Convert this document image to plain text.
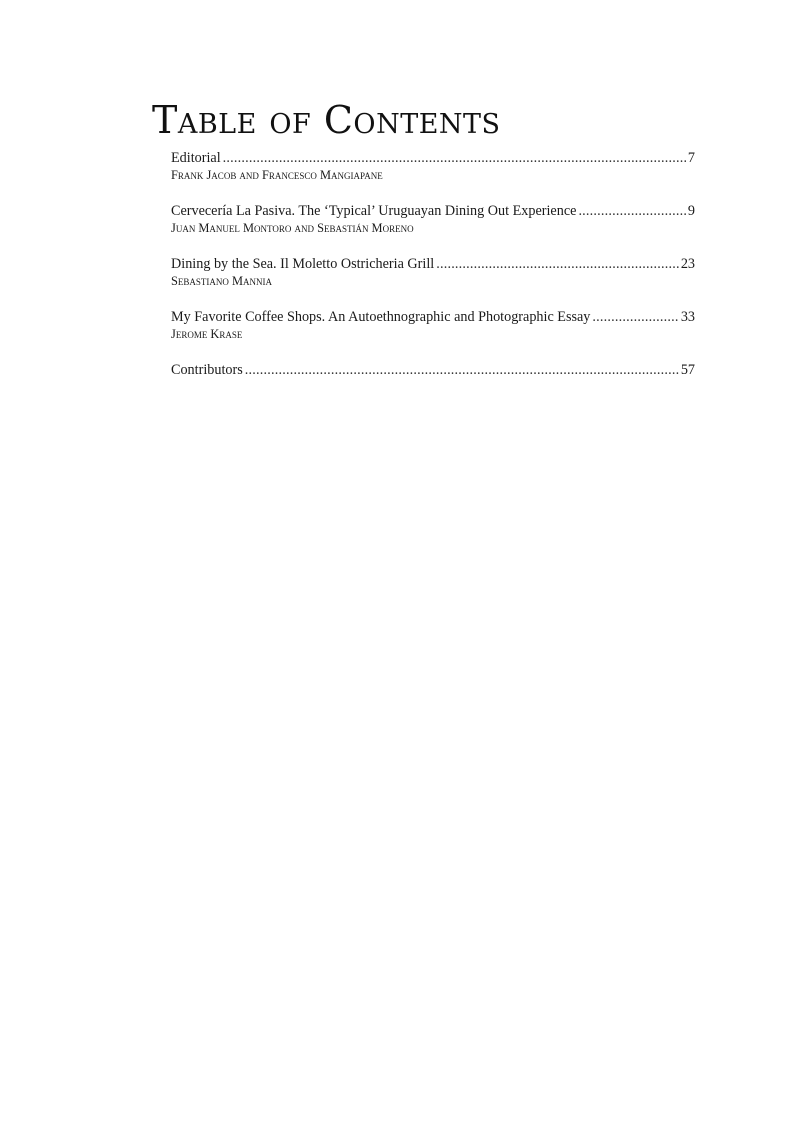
Table of Contents
Editorial .....	7
Frank Jacob and Francesco Mangiapane
Cervecería La Pasiva. The ‘Typical’ Uruguayan Dining Out Experience .....	9
Juan Manuel Montoro and Sebastián Moreno
Dining by the Sea. Il Moletto Ostricheria Grill .....	23
Sebastiano Mannia
My Favorite Coffee Shops. An Autoethnographic and Photographic Essay .....	33
Jerome Krase
Contributors .....	57
